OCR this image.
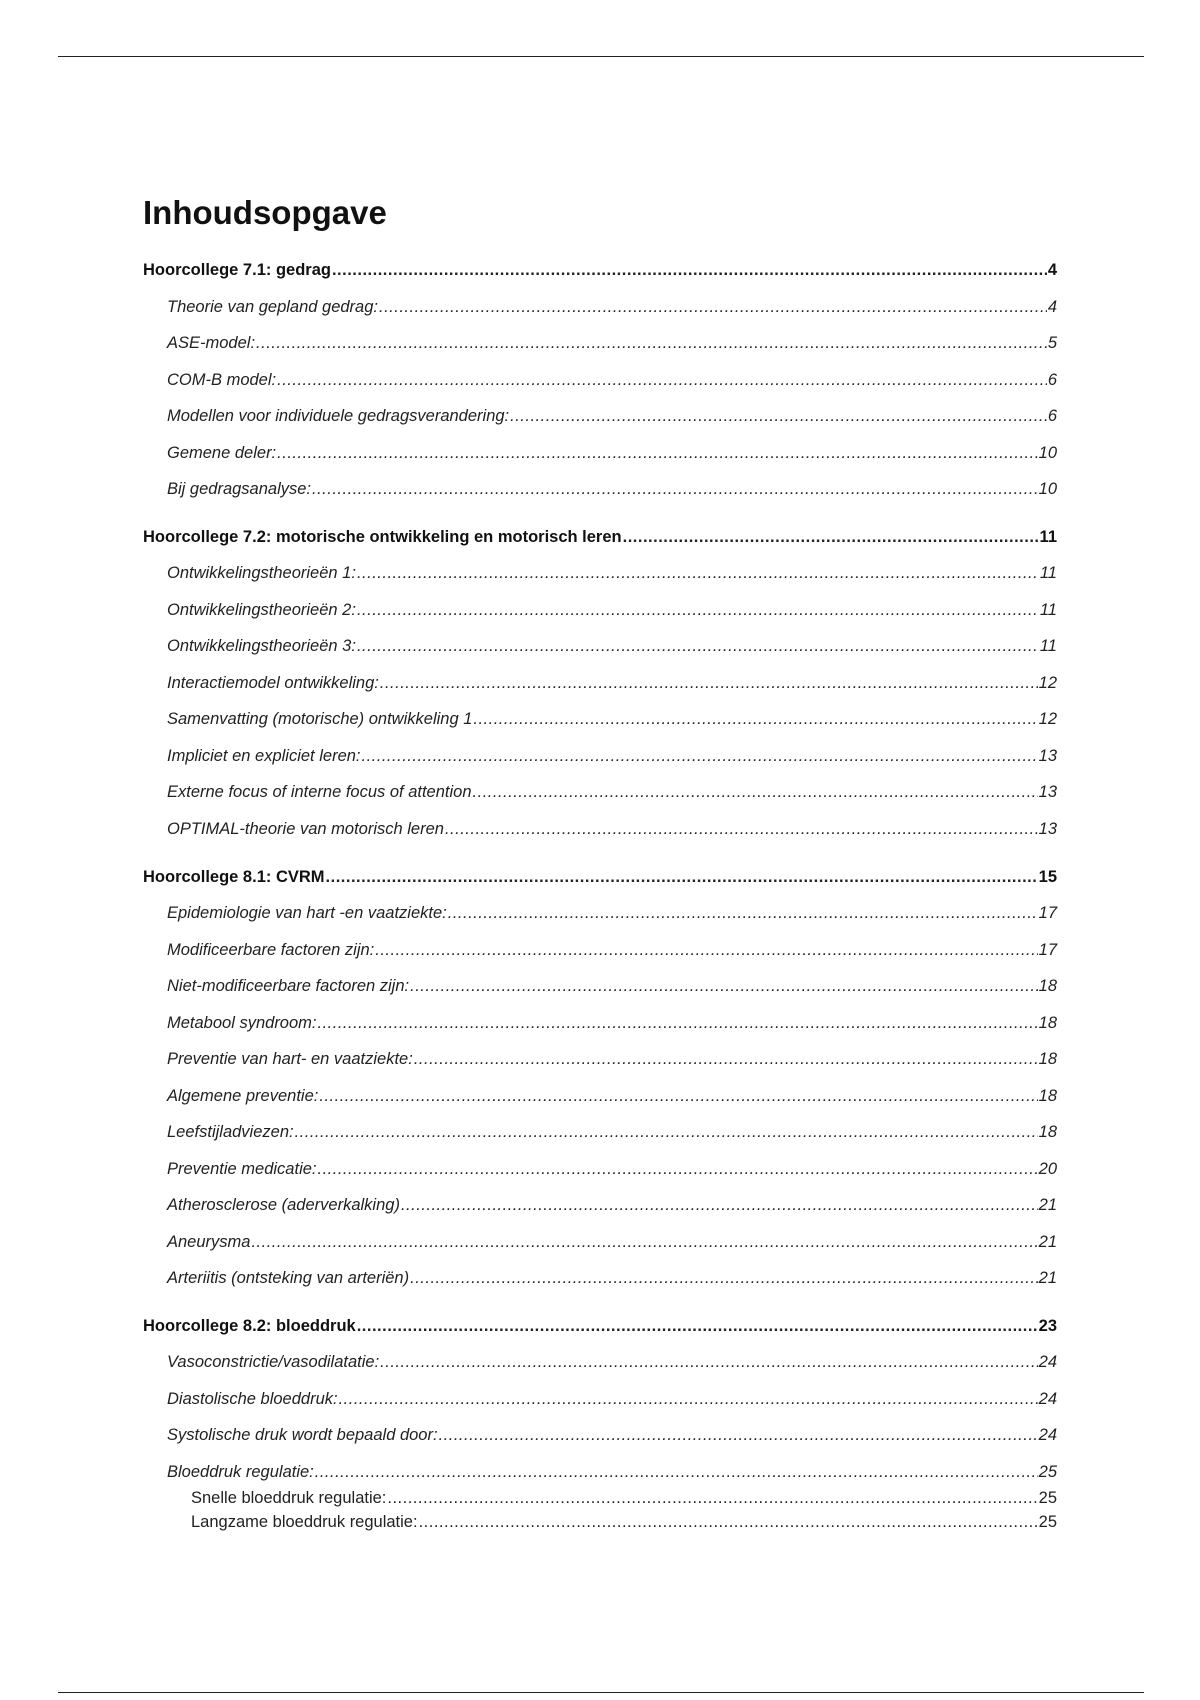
Inhoudsopgave
Hoorcollege 7.1: gedrag .....	4
Theorie van gepland gedrag: .....	4
ASE-model: .....	5
COM-B model: .....	6
Modellen voor individuele gedragsverandering: .....	6
Gemene deler: .....	10
Bij gedragsanalyse: .....	10
Hoorcollege 7.2: motorische ontwikkeling en motorisch leren .....	11
Ontwikkelingstheorieën 1: .....	11
Ontwikkelingstheorieën 2: .....	11
Ontwikkelingstheorieën 3: .....	11
Interactiemodel ontwikkeling: .....	12
Samenvatting (motorische) ontwikkeling 1 .....	12
Impliciet en expliciet leren: .....	13
Externe focus of interne focus of attention .....	13
OPTIMAL-theorie van motorisch leren .....	13
Hoorcollege 8.1: CVRM .....	15
Epidemiologie van hart -en vaatziekte: .....	17
Modificeerbare factoren zijn: .....	17
Niet-modificeerbare factoren zijn: .....	18
Metabool syndroom: .....	18
Preventie van hart- en vaatziekte: .....	18
Algemene preventie: .....	18
Leefstijladviezen: .....	18
Preventie medicatie: .....	20
Atherosclerose (aderverkalking) .....	21
Aneurysma .....	21
Arteriitis (ontsteking van arteriën) .....	21
Hoorcollege 8.2: bloeddruk .....	23
Vasoconstrictie/vasodilatatie: .....	24
Diastolische bloeddruk: .....	24
Systolische druk wordt bepaald door: .....	24
Bloeddruk regulatie: .....	25
Snelle bloeddruk regulatie: .....	25
Langzame bloeddruk regulatie: .....	25
